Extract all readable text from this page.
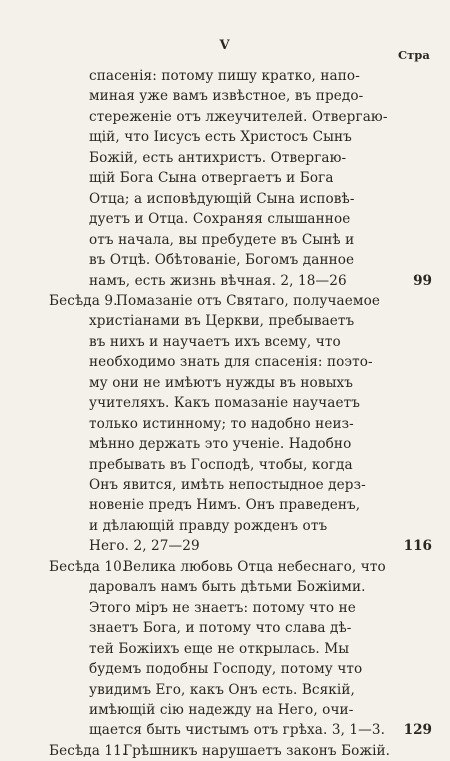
V
Стра
спасенія: потому пишу кратко, напо-
миная уже вамъ извѣстное, въ предо-
стереженіе отъ лжеучителей. Отвергаю-
щій, что Іисусъ есть Христосъ Сынъ
Божій, есть антихристъ. Отвергаю-
щій Бога Сына отвергаетъ и Бога
Отца; а исповѣдующій Сына исповѣ-
дуетъ и Отца. Сохраняя слышанное
отъ начала, вы пребудете въ Сынѣ и
въ Отцѣ. Обѣтованіе, Богомъ данное
намъ, есть жизнь вѣчная. 2, 18—26	99
Бесѣда 9.
Помазаніе отъ Святаго, получаемое
христіанами въ Церкви, пребываетъ
въ нихъ и научаетъ ихъ всему, что
необходимо знать для спасенія: поэто-
му они не имѣютъ нужды въ новыхъ
учителяхъ. Какъ помазаніе научаетъ
только истинному; то надобно неиз-
мѣнно держать это ученіе. Надобно
пребывать въ Господѣ, чтобы, когда
Онъ явится, имѣть непостыдное дерз-
новеніе предъ Нимъ. Онъ праведенъ,
и дѣлающій правду рожденъ отъ
Него. 2, 27—29	116
Бесѣда 10.
Велика любовь Отца небеснаго, что
даровалъ намъ быть дѣтьми Божіими.
Этого міръ не знаетъ: потому что не
знаетъ Бога, и потому что слава дѣ-
тей Божіихъ еще не открылась. Мы
будемъ подобны Господу, потому что
увидимъ Его, какъ Онъ есть. Всякій,
имѣющій сію надежду на Него, очи-
щается быть чистымъ отъ грѣха. 3, 1—3.	129
Бесѣда 11.
Грѣшникъ нарушаетъ законъ Божій.
